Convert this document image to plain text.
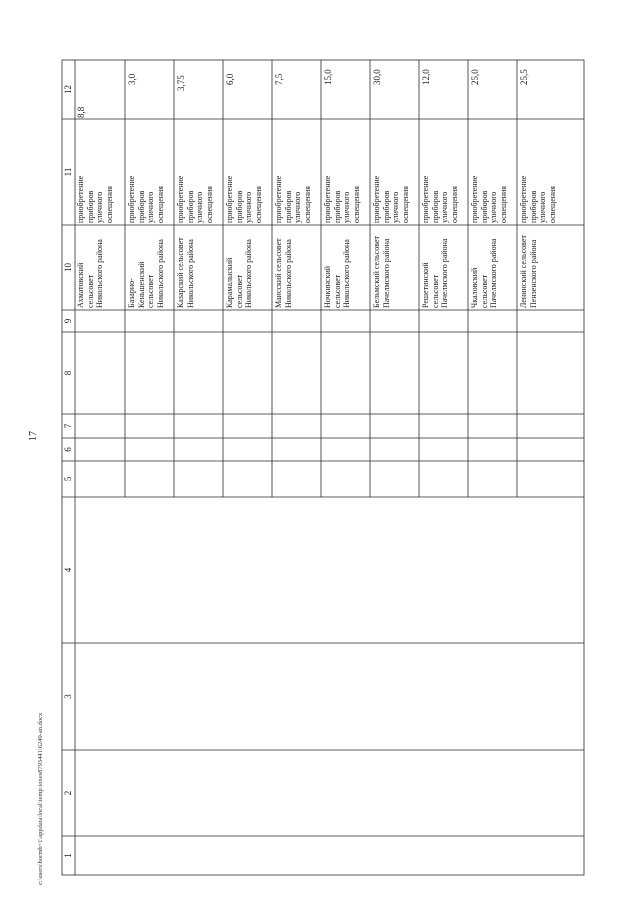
17
c:\users\bormb~1\appdata\local\temp\ioxes8793441\6249-an.docx 1
2
3
4
5
6
7
8
9
10
11
12
Ахматовский
сельсовет
Никольского района
приобретение
приборов
уличного
освещения
8,8
Базарно-
Кеньшенский
сельсовет
Никольского района
приобретение
приборов
уличного
освещения
3,0
Казарский сельсовет
Никольского района
приобретение
приборов
уличного
освещения
3,75
Карамалыский
сельсовет
Никольского района
приобретение
приборов
уличного
освещения
6,0
Маисский сельсовет
Никольского района
приобретение
приборов
уличного
освещения
7,5
Ночкинский
сельсовет
Никольского района
приобретение
приборов
уличного
освещения
15,0
Бельмский сельсовет
Пачелмского района
приобретение
приборов
уличного
освещения
30,0
Решетинский
сельсовет
Пачелмского района
приобретение
приборов
уличного
освещения
12,0
Чкаловский
сельсовет
Пачелмского района
приобретение
приборов
уличного
освещения
25,0
Ленинский сельсовет
Пензенского района
приобретение
приборов
уличного
освещения
25,5
